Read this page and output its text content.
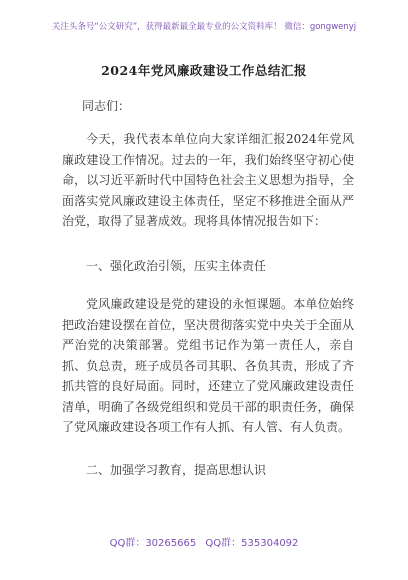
关注头条号“公文研究”，获得最新最全最专业的公文资料库！ 微信：gongwenyj
2024年党风廉政建设工作总结汇报
同志们：

今天，我代表本单位向大家详细汇报2024年党风廉政建设工作情况。过去的一年，我们始终坚守初心使命，以习近平新时代中国特色社会主义思想为指导，全面落实党风廉政建设主体责任，坚定不移推进全面从严治党，取得了显著成效。现将具体情况报告如下：

一、强化政治引领，压实主体责任

党风廉政建设是党的建设的永恒课题。本单位始终把政治建设摆在首位，坚决贯彻落实党中央关于全面从严治党的决策部署。党组书记作为第一责任人，亲自抓、负总责，班子成员各司其职、各负其责，形成了齐抓共管的良好局面。同时，还建立了党风廉政建设责任清单，明确了各级党组织和党员干部的职责任务，确保了党风廉政建设各项工作有人抓、有人管、有人负责。

二、加强学习教育，提高思想认识
QQ群：30265665 QQ群：535304092
